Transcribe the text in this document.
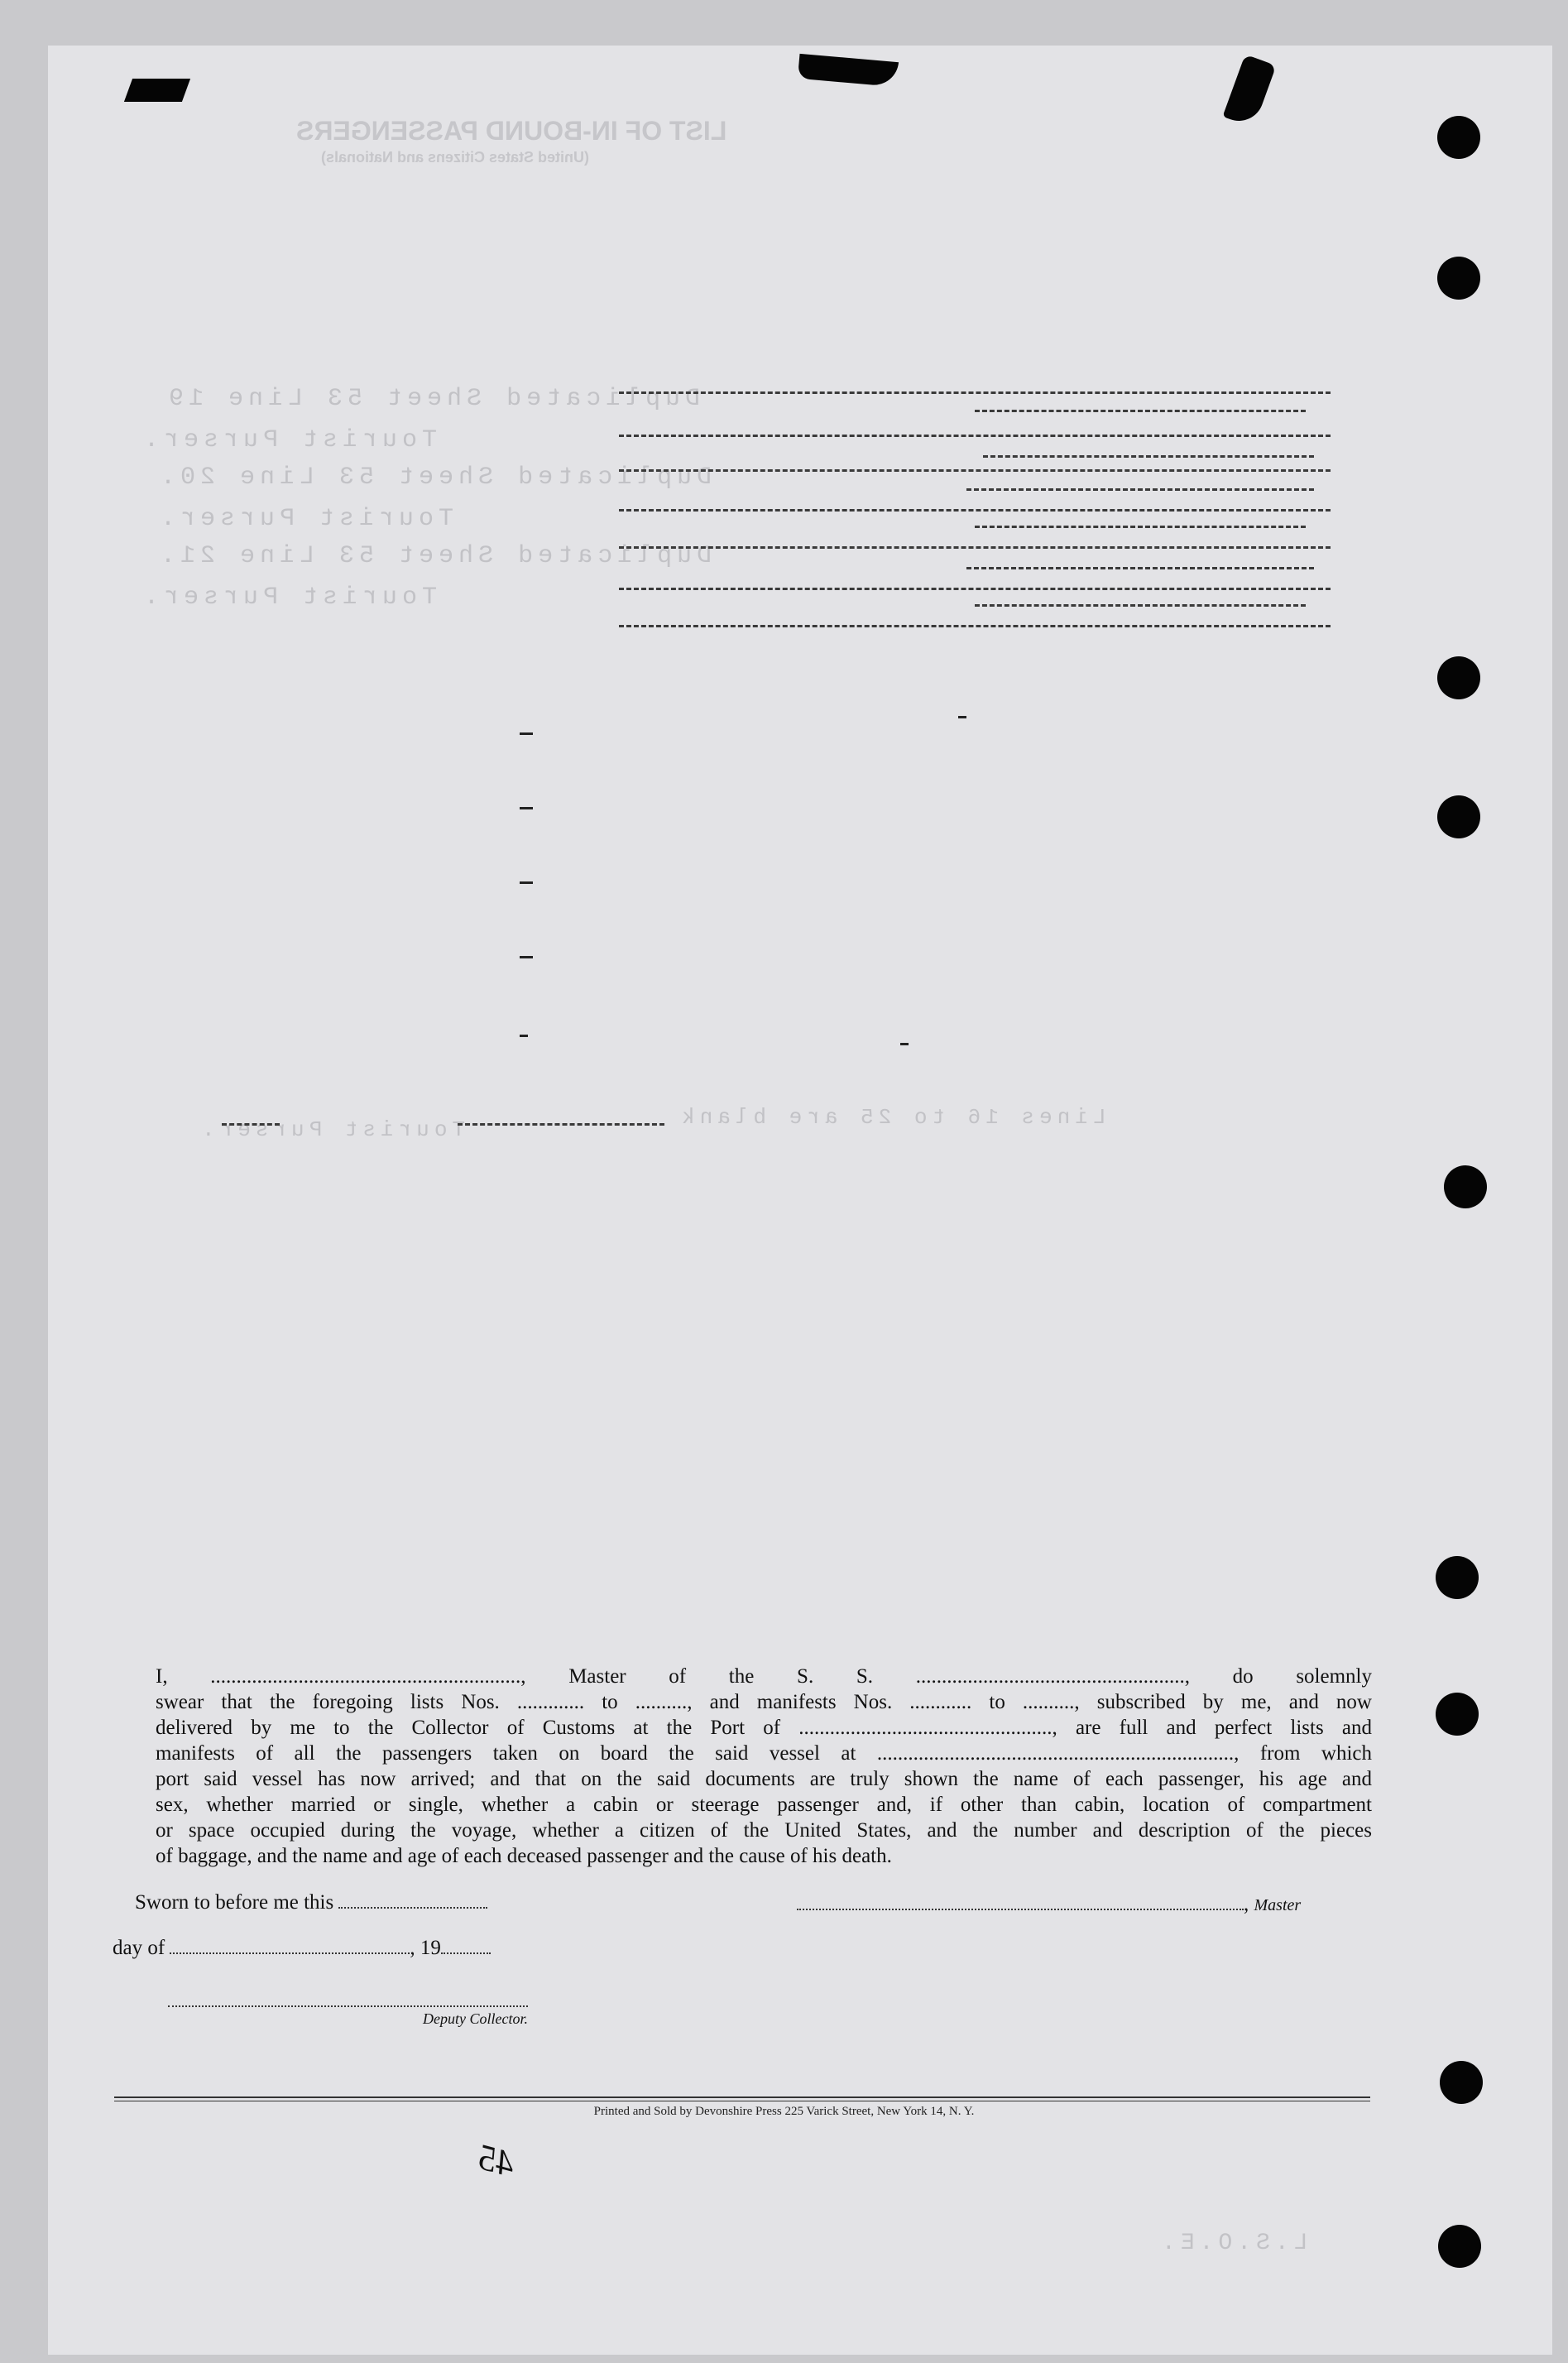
LIST OF IN-BOUND PASSENGERS
(United States Citizens and Nationals)
Duplicated Sheet 53 Line 19
Tourist Purser.
Duplicated Sheet 53 Line 20.
Tourist Purser.
Duplicated Sheet 53 Line 21.
Tourist Purser.
Lines 16 to 25 are blank
Tourist Purser.
L.S.O.E.
I, ............................................................, Master of the S. S. ...................................................., do solemnly
swear that the foregoing lists Nos. ............. to .........., and manifests Nos. ............ to .........., subscribed by me, and now
delivered by me to the Collector of Customs at the Port of ................................................., are full and perfect lists and
manifests of all the passengers taken on board the said vessel at ....................................................................., from which
port said vessel has now arrived; and that on the said documents are truly shown the name of each passenger, his age and
sex, whether married or single, whether a cabin or steerage passenger and, if other than cabin, location of compartment
or space occupied during the voyage, whether a citizen of the United States, and the number and description of the pieces
of baggage, and the name and age of each deceased passenger and the cause of his death.
Sworn to before me this	, Master
day of	, 19
Deputy Collector.
Printed and Sold by Devonshire Press 225 Varick Street, New York 14, N. Y.
45
